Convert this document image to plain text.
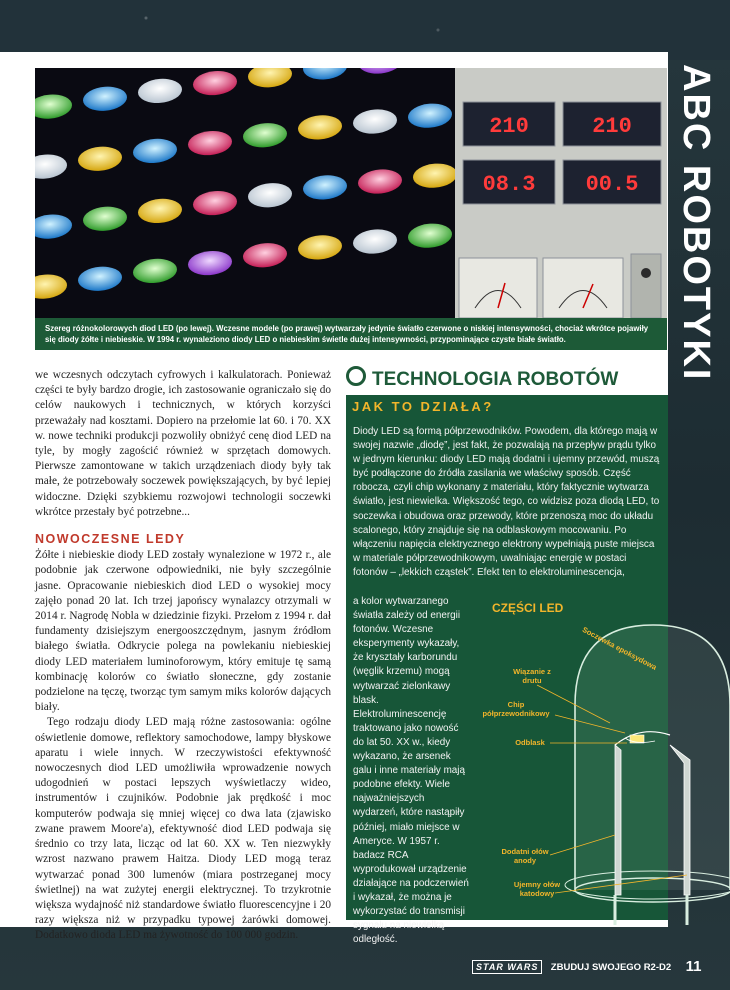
ABC ROBOTYKI
210	210
08.3 00.5
Szereg różnokolorowych diod LED (po lewej). Wczesne modele (po prawej) wytwarzały jedynie światło czerwone o niskiej intensywności, chociaż wkrótce pojawiły się diody żółte i niebieskie. W 1994 r. wynaleziono diody LED o niebieskim świetle dużej intensywności, przypominające czyste białe światło.

we wczesnych odczytach cyfrowych i kalkulatorach. Ponieważ części te były bardzo drogie, ich zastosowanie ograniczało się do celów naukowych i technicznych, w których korzyści przeważały nad kosztami. Dopiero na przełomie lat 60. i 70. XX w. nowe techniki produkcji pozwoliły obniżyć cenę diod LED na tyle, by mogły zagościć również w sprzętach domowych. Pierwsze zamontowane w takich urządzeniach diody były tak małe, że potrzebowały soczewek powiększających, by być lepiej widoczne. Dzięki szybkiemu rozwojowi technologii soczewki wkrótce przestały być potrzebne...

NOWOCZESNE LEDY

Żółte i niebieskie diody LED zostały wynalezione w 1972 r., ale podobnie jak czerwone odpowiedniki, nie były szczególnie jasne. Opracowanie niebieskich diod LED o wysokiej mocy zajęło ponad 20 lat. Ich trzej japońscy wynalazcy otrzymali w 2014 r. Nagrodę Nobla w dziedzinie fizyki. Przełom z 1994 r. dał fundamenty dzisiejszym energooszczędnym, jasnym źródłom białego światła. Odkrycie polega na powlekaniu niebieskiej diody LED materiałem luminoforowym, który emituje tę samą kombinację kolorów co światło słoneczne, gdy zostanie podzielone na tęczę, tworząc tym samym miks kolorów dających biały.

Tego rodzaju diody LED mają różne zastosowania: ogólne oświetlenie domowe, reflektory samochodowe, lampy błyskowe aparatu i wiele innych. W rzeczywistości efektywność nowoczesnych diod LED umożliwiła wprowadzenie nowych udogodnień w postaci lepszych wyświetlaczy wideo, instrumentów i czujników. Podobnie jak prędkość i moc komputerów podwaja się mniej więcej co dwa lata (zjawisko zwane prawem Moore'a), efektywność diod LED podwaja się średnio co trzy lata, licząc od lat 60. XX w. Ten niezwykły wzrost nazwano prawem Haitza. Diody LED mogą teraz wytwarzać ponad 300 lumenów (miara postrzeganej mocy świetlnej) na wat zużytej energii elektrycznej. To trzykrotnie większa wydajność niż standardowe światło fluorescencyjne i 20 razy większa niż w przypadku typowej żarówki domowej. Dodatkowo dioda LED ma żywotność do 100 000 godzin.

TECHNOLOGIA ROBOTÓW
JAK TO DZIAŁA?

Diody LED są formą półprzewodników. Powodem, dla którego mają w swojej nazwie „diodę”, jest fakt, że pozwalają na przepływ prądu tylko w jednym kierunku: diody LED mają dodatni i ujemny przewód, muszą być podłączone do źródła zasilania we właściwy sposób. Część robocza, czyli chip wykonany z materiału, który faktycznie wytwarza światło, jest niewielka. Większość tego, co widzisz poza diodą LED, to soczewka i obudowa oraz przewody, które przenoszą moc do układu scalonego, który znajduje się na odblaskowym mocowaniu. Po włączeniu napięcia elektrycznego elektrony wypełniają puste miejsca w materiale półprzewodnikowym, uwalniając energię w postaci fotonów – „lekkich cząstek”. Efekt ten to elektroluminescencja,

a kolor wytwarzanego światła zależy od energii fotonów. Wczesne eksperymenty wykazały, że kryształy karborundu (węglik krzemu) mogą wytwarzać zielonkawy blask. Elektroluminescencję traktowano jako nowość do lat 50. XX w., kiedy wykazano, że arsenek galu i inne materiały mają podobne efekty. Wiele najważniejszych wydarzeń, które nastąpiły później, miało miejsce w Ameryce. W 1957 r. badacz RCA wyprodukował urządzenie działające na podczerwień i wykazał, że można je wykorzystać do transmisji sygnału na niewielką odległość.

CZĘŚCI LED
Soczewka epoksydowa
Wiązanie z drutu
Chip półprzewodnikowy
Odblask
Dodatni ołów anody
Ujemny ołów katodowy
STAR WARS ZBUDUJ SWOJEGO R2-D2 11
